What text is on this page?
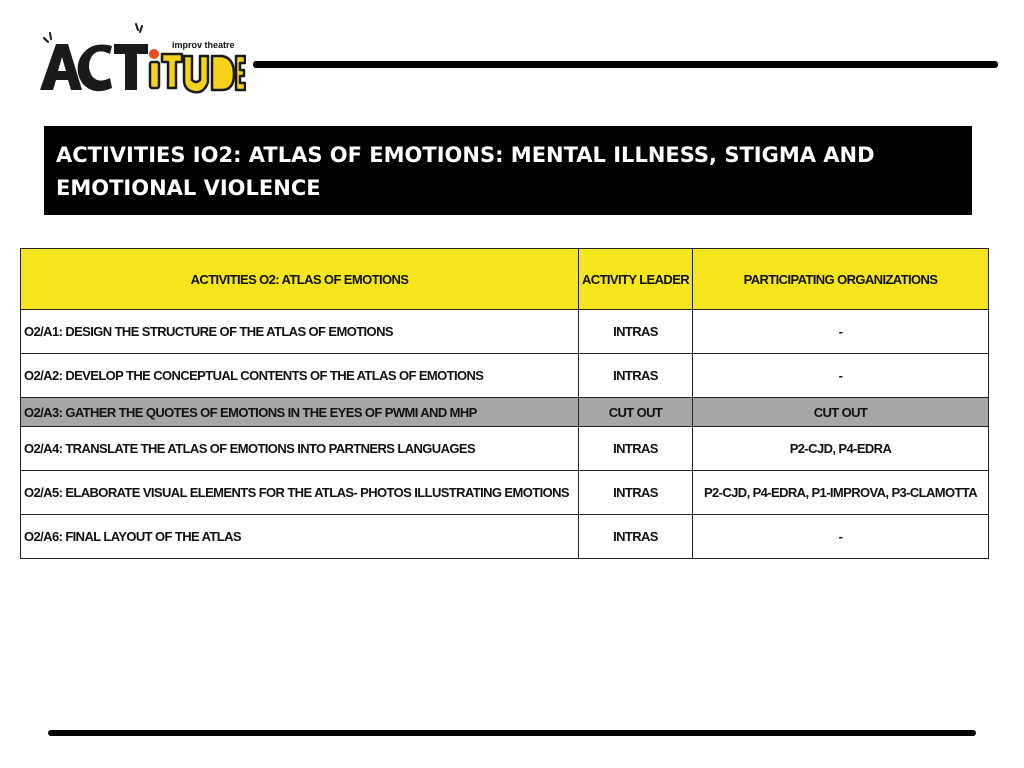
improv theatre
ACTIVITIES IO2: ATLAS OF EMOTIONS: MENTAL ILLNESS, STIGMA AND EMOTIONAL VIOLENCE
ACTIVITIES O2: ATLAS OF EMOTIONS	ACTIVITY LEADER	PARTICIPATING ORGANIZATIONS
O2/A1: DESIGN THE STRUCTURE OF THE ATLAS OF EMOTIONS	INTRAS	-
O2/A2: DEVELOP THE CONCEPTUAL CONTENTS OF THE ATLAS OF EMOTIONS	INTRAS	-
O2/A3: GATHER THE QUOTES OF EMOTIONS IN THE EYES OF PWMI AND MHP	CUT OUT	CUT OUT
O2/A4: TRANSLATE THE ATLAS OF EMOTIONS INTO PARTNERS LANGUAGES	INTRAS	P2-CJD, P4-EDRA
O2/A5: ELABORATE VISUAL ELEMENTS FOR THE ATLAS- PHOTOS ILLUSTRATING EMOTIONS	INTRAS	P2-CJD, P4-EDRA, P1-IMPROVA, P3-CLAMOTTA
O2/A6: FINAL LAYOUT OF THE ATLAS	INTRAS	-
